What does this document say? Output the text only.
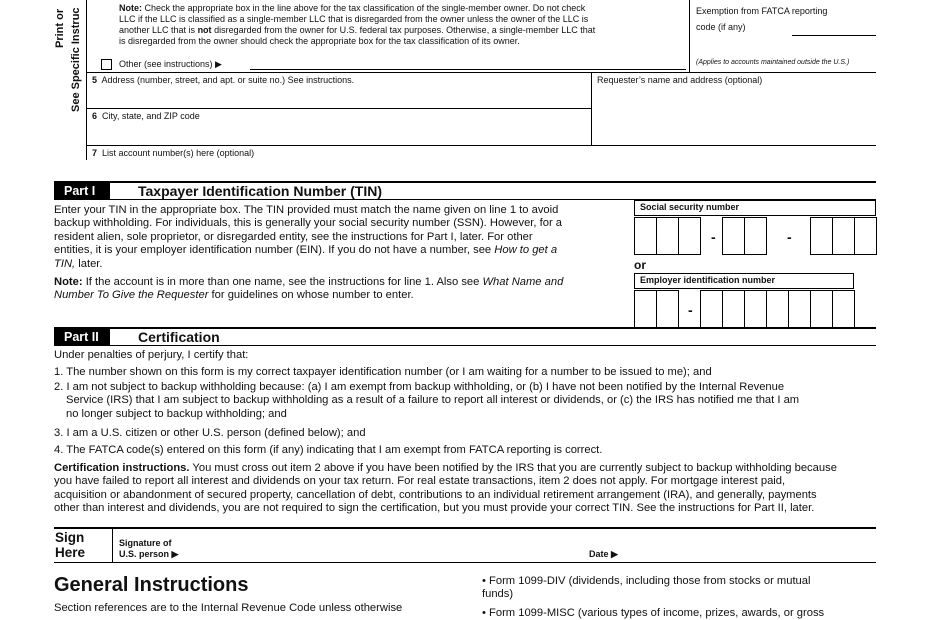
Print or See Specific Instruc	Note: Check the appropriate box in the line above for the tax classification of the single-member owner. Do not check
LLC if the LLC is classified as a single-member LLC that is disregarded from the owner unless the owner of the LLC is
another LLC that is not disregarded from the owner for U.S. federal tax purposes. Otherwise, a single-member LLC that
is disregarded from the owner should check the appropriate box for the tax classification of its owner.
Other (see instructions) ▶
Exemption from FATCA reporting
code (if any)
(Applies to accounts maintained outside the U.S.)
5 Address (number, street, and apt. or suite no.) See instructions.	Requester’s name and address (optional)
6 City, state, and ZIP code
7 List account number(s) here (optional)
Part I	Taxpayer Identification Number (TIN)
Enter your TIN in the appropriate box. The TIN provided must match the name given on line 1 to avoid
backup withholding. For individuals, this is generally your social security number (SSN). However, for a
resident alien, sole proprietor, or disregarded entity, see the instructions for Part I, later. For other
entities, it is your employer identification number (EIN). If you do not have a number, see How to get a
TIN, later.
Note: If the account is in more than one name, see the instructions for line 1. Also see What Name and
Number To Give the Requester for guidelines on whose number to enter.
Social security number
-	-
or
Employer identification number
-
Part II	Certification
Under penalties of perjury, I certify that:
1. The number shown on this form is my correct taxpayer identification number (or I am waiting for a number to be issued to me); and
2. I am not subject to backup withholding because: (a) I am exempt from backup withholding, or (b) I have not been notified by the Internal Revenue
Service (IRS) that I am subject to backup withholding as a result of a failure to report all interest or dividends, or (c) the IRS has notified me that I am
no longer subject to backup withholding; and
3. I am a U.S. citizen or other U.S. person (defined below); and
4. The FATCA code(s) entered on this form (if any) indicating that I am exempt from FATCA reporting is correct.
Certification instructions. You must cross out item 2 above if you have been notified by the IRS that you are currently subject to backup withholding because
you have failed to report all interest and dividends on your tax return. For real estate transactions, item 2 does not apply. For mortgage interest paid,
acquisition or abandonment of secured property, cancellation of debt, contributions to an individual retirement arrangement (IRA), and generally, payments
other than interest and dividends, you are not required to sign the certification, but you must provide your correct TIN. See the instructions for Part II, later.
Sign
Here
Signature of
U.S. person ▶	Date ▶
General Instructions
Section references are to the Internal Revenue Code unless otherwise
• Form 1099-DIV (dividends, including those from stocks or mutual
funds)
• Form 1099-MISC (various types of income, prizes, awards, or gross
